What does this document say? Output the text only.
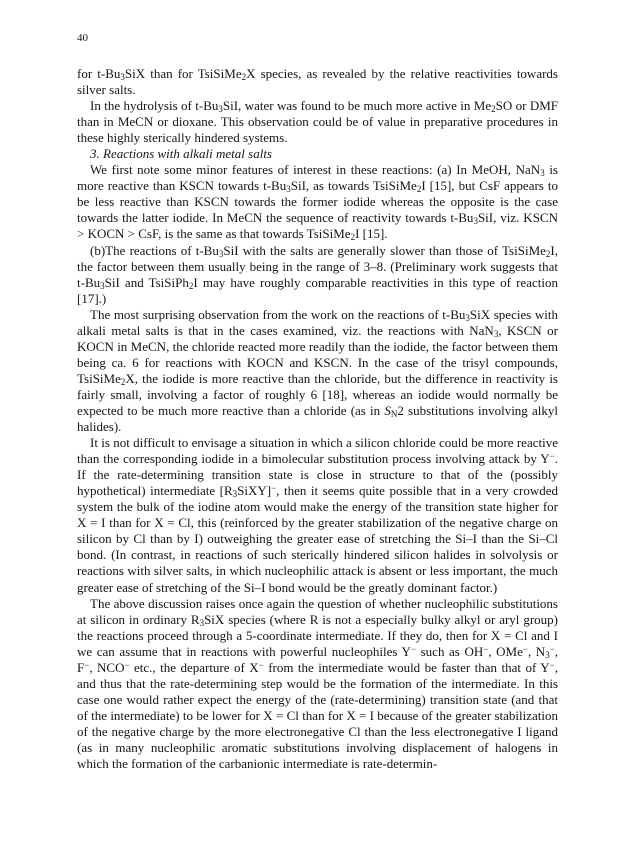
40

for $t-Bu_3SiX$ than for TsiSiMe$_2$X species, as revealed by the relative reactivities towards silver salts.

In the hydrolysis of $t-Bu_3SiI$, water was found to be much more active in $Me_2SO$ or DMF than in MeCN or dioxane. This observation could be of value in preparative procedures in these highly sterically hindered systems.

3. Reactions with alkali metal salts

We first note some minor features of interest in these reactions: (a) In MeOH, NaN$_3$ is more reactive than KSCN towards $t-Bu_3SiI$, as towards TsiSiMe$_2$I [15], but CsF appears to be less reactive than KSCN towards the former iodide whereas the opposite is the case towards the latter iodide. In MeCN the sequence of reactivity towards $t-Bu_3SiI$, viz. KSCN > KOCN > CsF, is the same as that towards TsiSiMe$_2$I [15].

(b)The reactions of $t-Bu_3SiI$ with the salts are generally slower than those of TsiSiMe$_2$I, the factor between them usually being in the range of 3–8. (Preliminary work suggests that $t-Bu_3SiI$ and TsiSiPh$_2$I may have roughly comparable reactivities in this type of reaction [17].)

The most surprising observation from the work on the reactions of $t-Bu_3SiX$ species with alkali metal salts is that in the cases examined, viz. the reactions with NaN$_3$, KSCN or KOCN in MeCN, the chloride reacted more readily than the iodide, the factor between them being ca. 6 for reactions with KOCN and KSCN. In the case of the trisyl compounds, TsiSiMe$_2$X, the iodide is more reactive than the chloride, but the difference in reactivity is fairly small, involving a factor of roughly 6 [18], whereas an iodide would normally be expected to be much more reactive than a chloride (as in $S_N2$ substitutions involving alkyl halides).

It is not difficult to envisage a situation in which a silicon chloride could be more reactive than the corresponding iodide in a bimolecular substitution process involving attack by Y−. If the rate-determining transition state is close in structure to that of the (possibly hypothetical) intermediate $[R_3SiXY]^-$, then it seems quite possible that in a very crowded system the bulk of the iodine atom would make the energy of the transition state higher for X = I than for X = Cl, this (reinforced by the greater stabilization of the negative charge on silicon by Cl than by I) outweighing the greater ease of stretching the Si–I than the Si–Cl bond. (In contrast, in reactions of such sterically hindered silicon halides in solvolysis or reactions with silver salts, in which nucleophilic attack is absent or less important, the much greater ease of stretching of the Si–I bond would be the greatly dominant factor.)

The above discussion raises once again the question of whether nucleophilic substitutions at silicon in ordinary $R_3SiX$ species (where R is not a especially bulky alkyl or aryl group) the reactions proceed through a 5-coordinate intermediate. If they do, then for X = Cl and I we can assume that in reactions with powerful nucleophiles Y− such as OH−, OMe−, $N_3^-$, F−, NCO− etc., the departure of X− from the intermediate would be faster than that of Y−, and thus that the rate-determining step would be the formation of the intermediate. In this case one would rather expect the energy of the (rate-determining) transition state (and that of the intermediate) to be lower for X = Cl than for X = I because of the greater stabilization of the negative charge by the more electronegative Cl than the less electronegative I ligand (as in many nucleophilic aromatic substitutions involving displacement of halogens in which the formation of the carbanionic intermediate is rate-determin-
